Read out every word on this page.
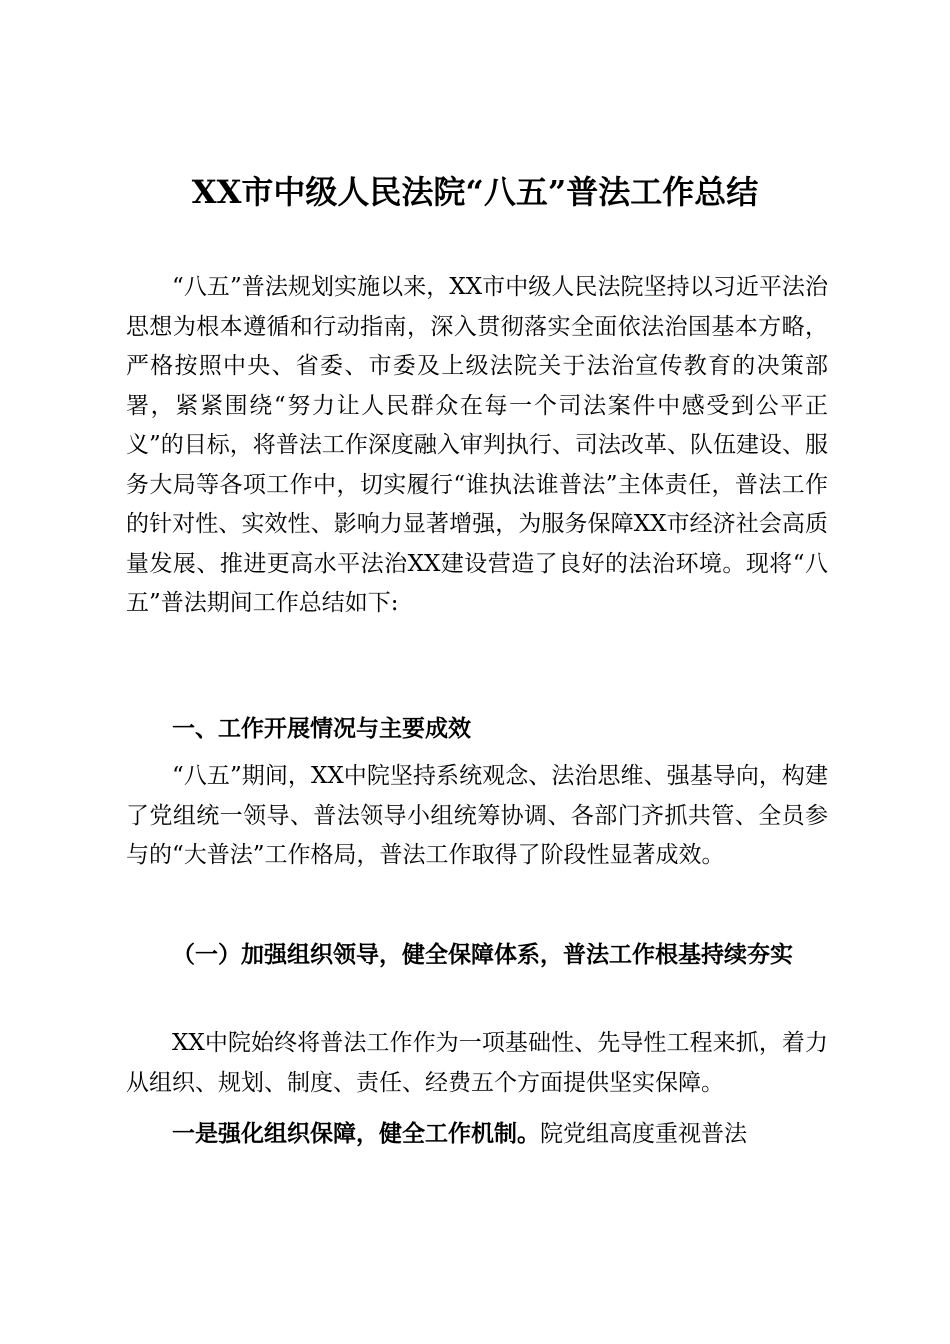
XX市中级人民法院“八五”普法工作总结

“八五”普法规划实施以来，XX市中级人民法院坚持以习近平法治思想为根本遵循和行动指南，深入贯彻落实全面依法治国基本方略，严格按照中央、省委、市委及上级法院关于法治宣传教育的决策部署，紧紧围绕“努力让人民群众在每一个司法案件中感受到公平正义”的目标，将普法工作深度融入审判执行、司法改革、队伍建设、服务大局等各项工作中，切实履行“谁执法谁普法”主体责任，普法工作的针对性、实效性、影响力显著增强，为服务保障XX市经济社会高质量发展、推进更高水平法治XX建设营造了良好的法治环境。现将“八五”普法期间工作总结如下:

一、工作开展情况与主要成效

“八五”期间，XX中院坚持系统观念、法治思维、强基导向，构建了党组统一领导、普法领导小组统筹协调、各部门齐抓共管、全员参与的“大普法”工作格局，普法工作取得了阶段性显著成效。

（一）加强组织领导，健全保障体系，普法工作根基持续夯实

XX中院始终将普法工作作为一项基础性、先导性工程来抓，着力从组织、规划、制度、责任、经费五个方面提供坚实保障。

一是强化组织保障，健全工作机制。院党组高度重视普法
